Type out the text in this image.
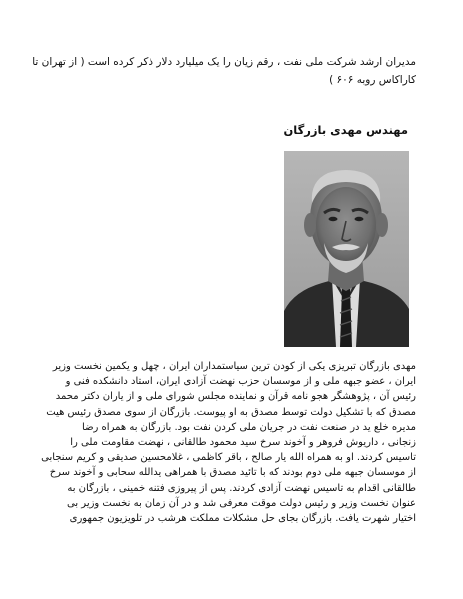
مدیران ارشد شرکت ملی نفت ، رقم زیان را یک میلیارد دلار ذکر کرده است ( از تهران تا
کاراکاس روبه ۶۰۶ )
مهندس مهدی بازرگان
مهدی بازرگان تبریزی یکی از کودن ترین سیاستمداران ایران ، چهل و یکمین نخست وزیر
ایران ، عضو جبهه ملی و از موسسان حزب نهضت آزادی ایران، استاد دانشکده فنی و
رئیس آن ، پژوهشگر هجو نامه قرآن و نماینده مجلس شورای ملی و از یاران دکتر محمد
مصدق که با تشکیل دولت توسط مصدق به او پیوست. بازرگان از سوی مصدق رئیس هیت
مدیره خلع ید در صنعت نفت در جریان ملی کردن نفت بود. بازرگان به همراه رضا
زنجانی ، داریوش فروهر و آخوند سرخ سید محمود طالقانی ، نهضت مقاومت ملی را
تاسیس کردند. او به همراه الله یار صالح ، باقر کاظمی ، غلامحسین صدیقی و کریم سنجابی
از موسسان جبهه ملی دوم بودند که با تائید مصدق با همراهی یدالله سحابی و آخوند سرخ
طالقانی اقدام به تاسیس نهضت آزادی کردند. پس از پیروزی فتنه خمینی ، بازرگان به
عنوان نخست وزیر و رئیس دولت موقت معرفی شد و در آن زمان به نخست وزیر بی
اختیار شهرت یافت. بازرگان بجای حل مشکلات مملکت هرشب در تلویزیون جمهوری
